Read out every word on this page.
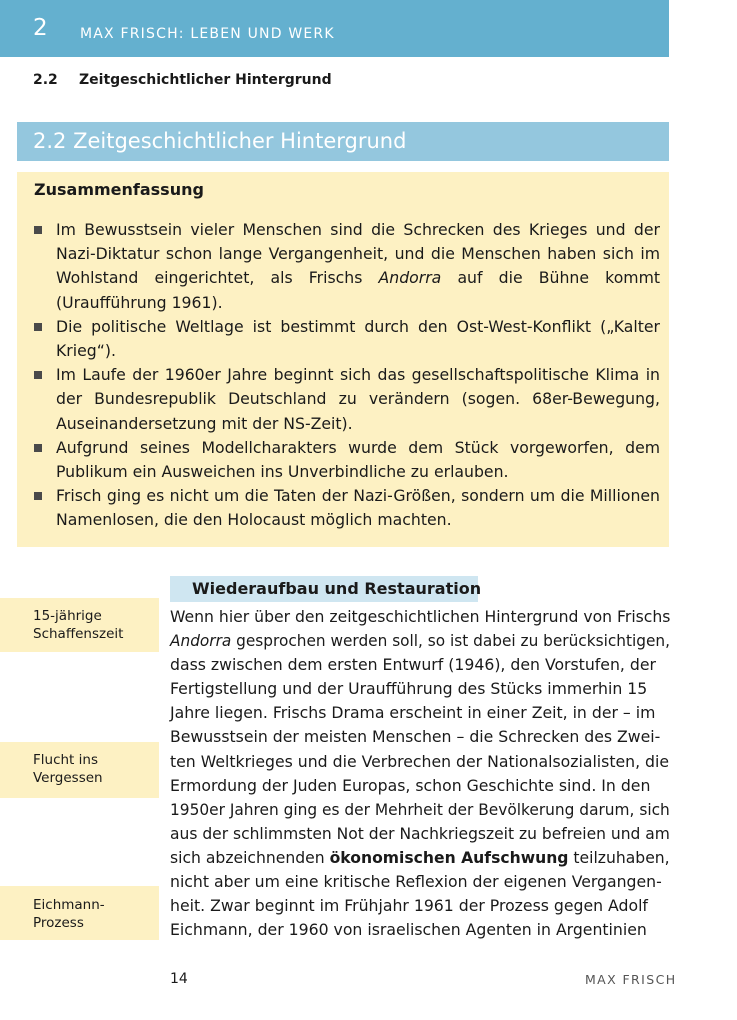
2 MAX FRISCH: LEBEN UND WERK
2.2 Zeitgeschichtlicher Hintergrund
2.2 Zeitgeschichtlicher Hintergrund
Zusammenfassung

Im Bewusstsein vieler Menschen sind die Schrecken des Krieges und der Nazi-Diktatur schon lange Vergangenheit, und die Menschen haben sich im Wohlstand eingerichtet, als Frischs Andorra auf die Bühne kommt (Uraufführung 1961).

Die politische Weltlage ist bestimmt durch den Ost-West-Konflikt („Kalter Krieg“).

Im Laufe der 1960er Jahre beginnt sich das gesellschaftspolitische Klima in der Bundesrepublik Deutschland zu verändern (sogen. 68er-Bewegung, Auseinandersetzung mit der NS-Zeit).

Aufgrund seines Modellcharakters wurde dem Stück vorgeworfen, dem Publikum ein Ausweichen ins Unverbindliche zu erlauben.

Frisch ging es nicht um die Taten der Nazi-Größen, sondern um die Millionen Namenlosen, die den Holocaust möglich machten.

Wiederaufbau und Restauration
15-jährige
Schaffenszeit
Flucht ins
Vergessen
Eichmann-
Prozess
Wenn hier über den zeitgeschichtlichen Hintergrund von Frischs
Andorra gesprochen werden soll, so ist dabei zu berücksichtigen,
dass zwischen dem ersten Entwurf (1946), den Vorstufen, der
Fertigstellung und der Uraufführung des Stücks immerhin 15
Jahre liegen. Frischs Drama erscheint in einer Zeit, in der – im
Bewusstsein der meisten Menschen – die Schrecken des Zwei-
ten Weltkrieges und die Verbrechen der Nationalsozialisten, die
Ermordung der Juden Europas, schon Geschichte sind. In den
1950er Jahren ging es der Mehrheit der Bevölkerung darum, sich
aus der schlimmsten Not der Nachkriegszeit zu befreien und am
sich abzeichnenden ökonomischen Aufschwung teilzuhaben,
nicht aber um eine kritische Reflexion der eigenen Vergangen-
heit. Zwar beginnt im Frühjahr 1961 der Prozess gegen Adolf
Eichmann, der 1960 von israelischen Agenten in Argentinien
14	MAX FRISCH
